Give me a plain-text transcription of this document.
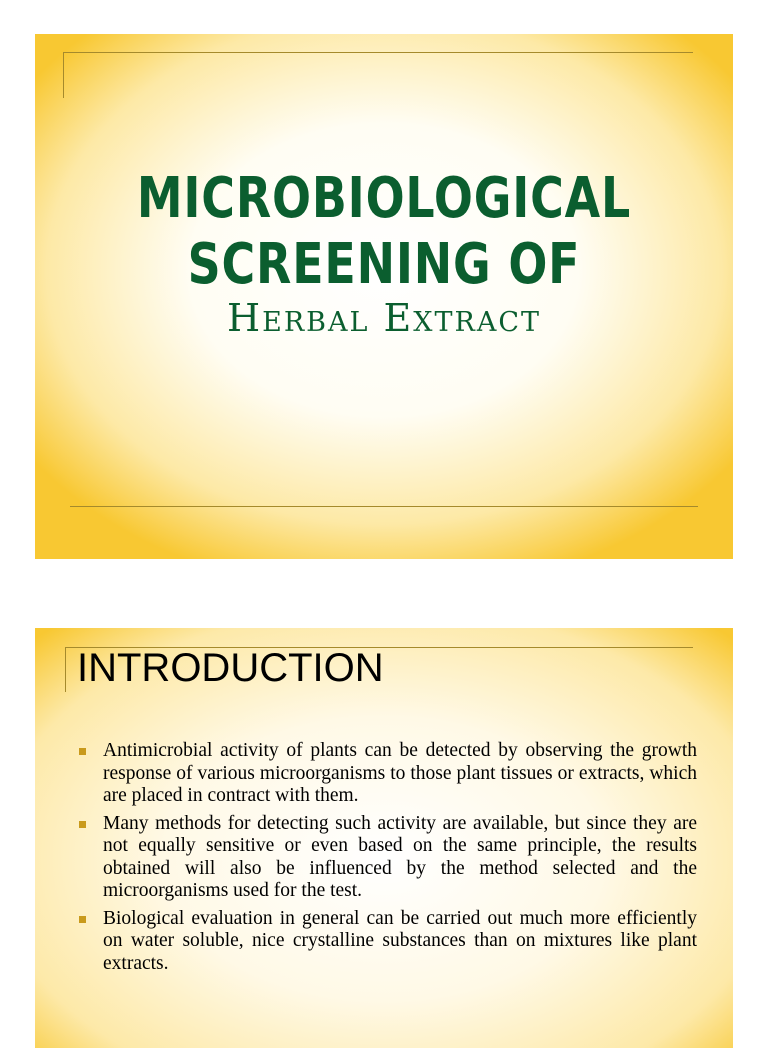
MICROBIOLOGICAL
SCREENING OF
Herbal Extract
INTRODUCTION
Antimicrobial activity of plants can be detected by observing the growth response of various microorganisms to those plant tissues or extracts, which are placed in contract with them.
Many methods for detecting such activity are available, but since they are not equally sensitive or even based on the same principle, the results obtained will also be influenced by the method selected and the microorganisms used for the test.
Biological evaluation in general can be carried out much more efficiently on water soluble, nice crystalline substances than on mixtures like plant extracts.
